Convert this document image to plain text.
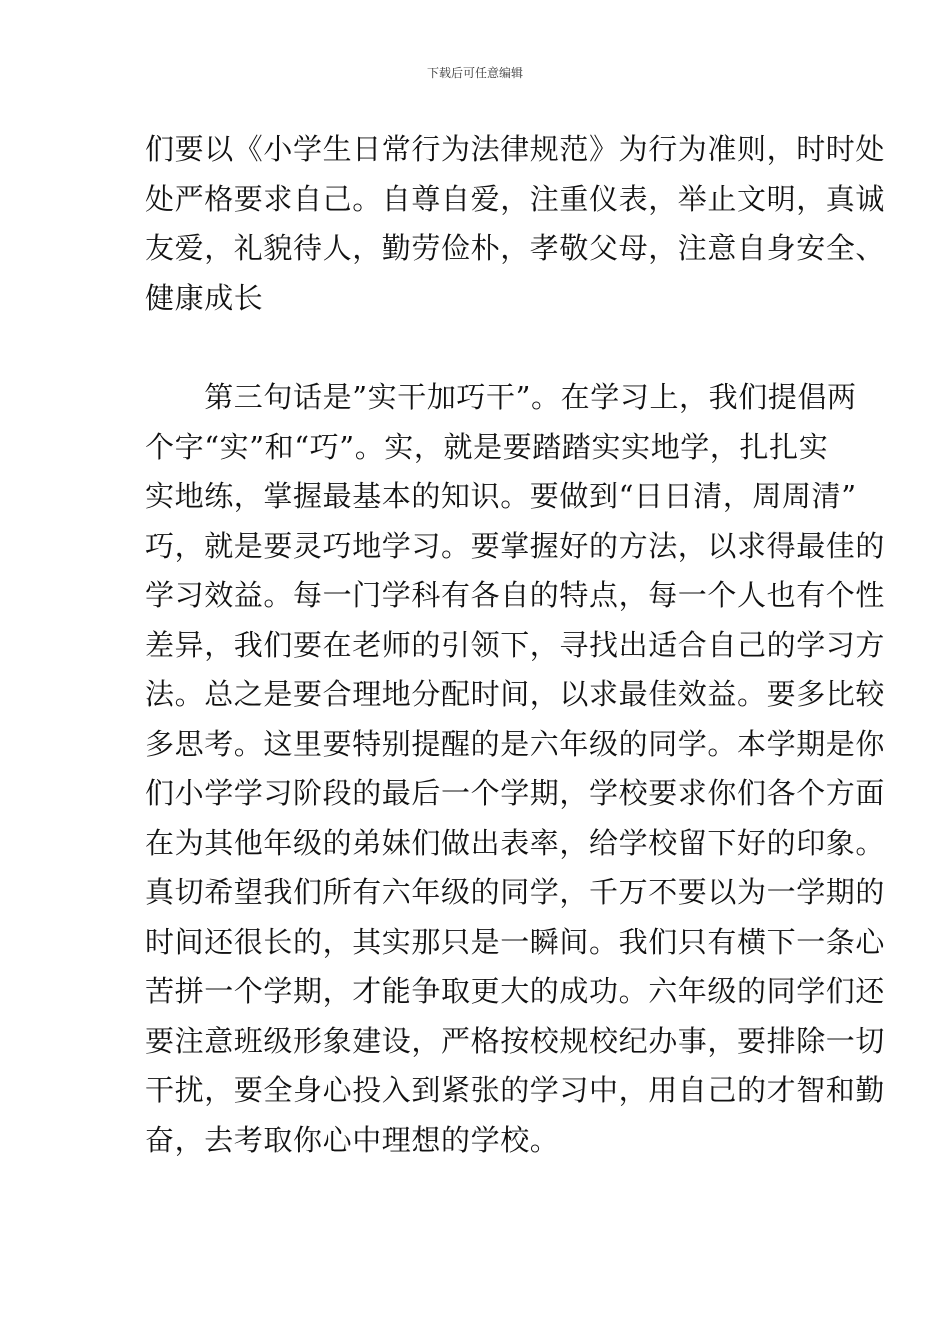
下载后可任意编辑
们要以《小学生日常行为法律规范》为行为准则，时时处
处严格要求自己。自尊自爱，注重仪表，举止文明，真诚
友爱，礼貌待人，勤劳俭朴，孝敬父母，注意自身安全、
健康成长
　　第三句话是”实干加巧干”。在学习上，我们提倡两
个字“实”和“巧”。实，就是要踏踏实实地学，扎扎实
实地练，掌握最基本的知识。要做到“日日清，周周清”
巧，就是要灵巧地学习。要掌握好的方法，以求得最佳的
学习效益。每一门学科有各自的特点，每一个人也有个性
差异，我们要在老师的引领下，寻找出适合自己的学习方
法。总之是要合理地分配时间，以求最佳效益。要多比较
多思考。这里要特别提醒的是六年级的同学。本学期是你
们小学学习阶段的最后一个学期，学校要求你们各个方面
在为其他年级的弟妹们做出表率，给学校留下好的印象。
真切希望我们所有六年级的同学，千万不要以为一学期的
时间还很长的，其实那只是一瞬间。我们只有横下一条心
苦拼一个学期，才能争取更大的成功。六年级的同学们还
要注意班级形象建设，严格按校规校纪办事，要排除一切
干扰，要全身心投入到紧张的学习中，用自己的才智和勤
奋，去考取你心中理想的学校。
